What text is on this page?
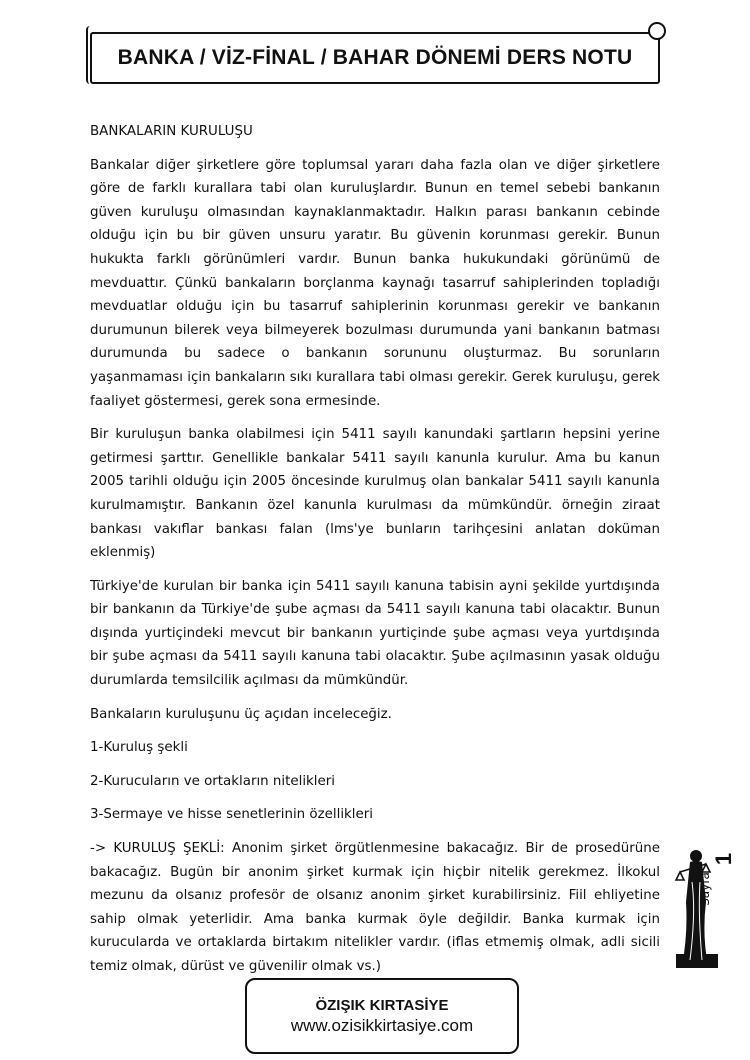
BANKA / VİZ-FİNAL / BAHAR DÖNEMİ DERS NOTU
BANKALARIN KURULUŞU

Bankalar diğer şirketlere göre toplumsal yararı daha fazla olan ve diğer şirketlere göre de farklı kurallara tabi olan kuruluşlardır. Bunun en temel sebebi bankanın güven kuruluşu olmasından kaynaklanmaktadır. Halkın parası bankanın cebinde olduğu için bu bir güven unsuru yaratır. Bu güvenin korunması gerekir. Bunun hukukta farklı görünümleri vardır. Bunun banka hukukundaki görünümü de mevduattır. Çünkü bankaların borçlanma kaynağı tasarruf sahiplerinden topladığı mevduatlar olduğu için bu tasarruf sahiplerinin korunması gerekir ve bankanın durumunun bilerek veya bilmeyerek bozulması durumunda yani bankanın batması durumunda bu sadece o bankanın sorununu oluşturmaz. Bu sorunların yaşanmaması için bankaların sıkı kurallara tabi olması gerekir. Gerek kuruluşu, gerek faaliyet göstermesi, gerek sona ermesinde.

Bir kuruluşun banka olabilmesi için 5411 sayılı kanundaki şartların hepsini yerine getirmesi şarttır. Genellikle bankalar 5411 sayılı kanunla kurulur. Ama bu kanun 2005 tarihli olduğu için 2005 öncesinde kurulmuş olan bankalar 5411 sayılı kanunla kurulmamıştır. Bankanın özel kanunla kurulması da mümkündür. örneğin ziraat bankası vakıflar bankası falan (lms'ye bunların tarihçesini anlatan doküman eklenmiş)

Türkiye'de kurulan bir banka için 5411 sayılı kanuna tabisin ayni şekilde yurtdışında bir bankanın da Türkiye'de şube açması da 5411 sayılı kanuna tabi olacaktır. Bunun dışında yurtiçindeki mevcut bir bankanın yurtiçinde şube açması veya yurtdışında bir şube açması da 5411 sayılı kanuna tabi olacaktır. Şube açılmasının yasak olduğu durumlarda temsilcilik açılması da mümkündür.

Bankaların kuruluşunu üç açıdan inceleceğiz.

1-Kuruluş şekli
2-Kurucuların ve ortakların nitelikleri
3-Sermaye ve hisse senetlerinin özellikleri

-> KURULUŞ ŞEKLİ: Anonim şirket örgütlenmesine bakacağız. Bir de prosedürüne bakacağız. Bugün bir anonim şirket kurmak için hiçbir nitelik gerekmez. İlkokul mezunu da olsanız profesör de olsanız anonim şirket kurabilirsiniz. Fiil ehliyetine sahip olmak yeterlidir. Ama banka kurmak öyle değildir. Banka kurmak için kurucularda ve ortaklarda birtakım nitelikler vardır. (iflas etmemiş olmak, adli sicili temiz olmak, dürüst ve güvenilir olmak vs.)

Sayfa
1
ÖZIŞIK KIRTASİYE
www.ozisikkirtasiye.com
